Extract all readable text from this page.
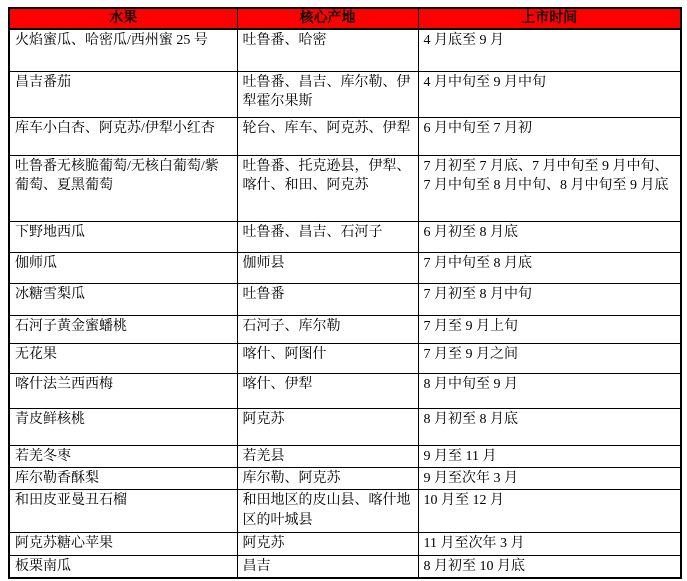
水果	核心产地	上市时间
火焰蜜瓜、哈密瓜/西州蜜 25 号	吐鲁番、哈密	4 月底至 9 月
昌吉番茄	吐鲁番、昌吉、库尔勒、伊犁霍尔果斯	4 月中旬至 9 月中旬
库车小白杏、阿克苏/伊犁小红杏	轮台、库车、阿克苏、伊犁	6 月中旬至 7 月初
吐鲁番无核脆葡萄/无核白葡萄/紫葡萄、夏黑葡萄	吐鲁番、托克逊县，伊犁、喀什、和田、阿克苏	7 月初至 7 月底、7 月中旬至 9 月中旬、7 月中旬至 8 月中旬、8 月中旬至 9 月底
下野地西瓜	吐鲁番、昌吉、石河子	6 月初至 8 月底
伽师瓜	伽师县	7 月中旬至 8 月底
冰糖雪梨瓜	吐鲁番	7 月初至 8 月中旬
石河子黄金蜜蟠桃	石河子、库尔勒	7 月至 9 月上旬
无花果	喀什、阿图什	7 月至 9 月之间
喀什法兰西西梅	喀什、伊犁	8 月中旬至 9 月
青皮鲜核桃	阿克苏	8 月初至 8 月底
若羌冬枣	若羌县	9 月至 11 月
库尔勒香酥梨	库尔勒、阿克苏	9 月至次年 3 月
和田皮亚曼丑石榴	和田地区的皮山县、喀什地区的叶城县	10 月至 12 月
阿克苏糖心苹果	阿克苏	11 月至次年 3 月
板栗南瓜	昌吉	8 月初至 10 月底
